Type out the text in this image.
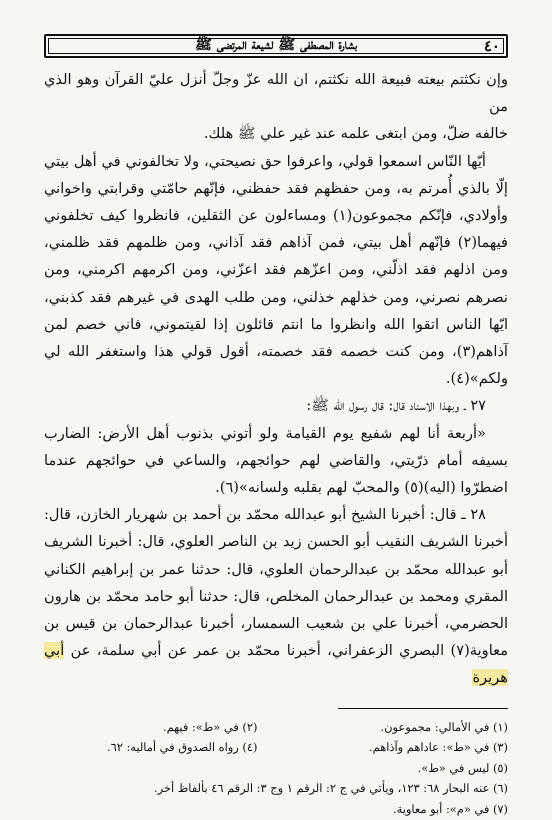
بشارة المصطفى ﷺ لشيعة المرتضى ﷺ	٤٠

وإن نكثتم بيعته فبيعة الله نكثتم، ان الله عزّ وجلّ أنزل عليّ القرآن وهو الذي من

خالفه ضلّ، ومن ابتغى علمه عند غير علي ﷺ هلك.

أيّها النّاس اسمعوا قولي، واعرفوا حق نصيحتي، ولا تخالفوني في أهل بيتي إلّا بالذي أُمرتم به، ومن حفظهم فقد حفظني، فإنّهم حامّتي وقرابتي واخواني وأولادي، فإنّكم مجموعون(١) ومساءلون عن الثقلين، فانظروا كيف تخلفوني فيهما(٢) فإنّهم أهل بيتي، فمن آذاهم فقد آذاني، ومن ظلمهم فقد ظلمني، ومن اذلهم فقد اذلّني، ومن اعزّهم فقد اعزّني، ومن اكرمهم اكرمني، ومن نصرهم نصرني، ومن خذلهم خذلني، ومن طلب الهدى في غيرهم فقد كذبني، ايّها الناس اتقوا الله وانظروا ما انتم قائلون إذا لقيتموني، فاني خصم لمن آذاهم(٣)، ومن كنت خصمه فقد خصمته، أقول قولي هذا واستغفر الله لي ولكم»(٤).

٢٧ ـ وبهذا الاسناد قال: قال رسول الله ﷺ:

«أربعة أنا لهم شفيع يوم القيامة ولو أتوني بذنوب أهل الأرض: الضارب بسيفه أمام ذرّيتي، والقاضي لهم حوائجهم، والساعي في حوائجهم عندما اضطرّوا (اليه)(٥) والمحبّ لهم بقلبه ولسانه»(٦).

٢٨ ـ قال: أخبرنا الشيخ أبو عبدالله محمّد بن أحمد بن شهريار الخازن، قال: أخبرنا الشريف النقيب أبو الحسن زيد بن الناصر العلوي، قال: أخبرنا الشريف أبو عبدالله محمّد بن عبدالرحمان العلوي، قال: حدثنا عمر بن إبراهيم الكناني المقري ومحمد بن عبدالرحمان المخلص، قال: حدثنا أبو حامد محمّد بن هارون الحضرمي، أخبرنا علي بن شعيب السمسار، أخبرنا عبدالرحمان بن قيس بن معاوية(٧) البصري الزعفراني، أخبرنا محمّد بن عمر عن أبي سلمة، عن أبي هريرة

(١) في الأمالي: مجموعون.
(٢) في «ط»: فيهم.
(٣) في «ط»: عاداهم وآذاهم.
(٤) رواه الصدوق في أماليه: ٦٢.
(٥) ليس في «ط».
(٦) عنه البحار ٦٨: ١٢٣، ويأتي في ج ٢: الرقم ١ وج ٣: الرقم ٤٦ بألفاظ أخر.
(٧) في «م»: أبو معاوية.
